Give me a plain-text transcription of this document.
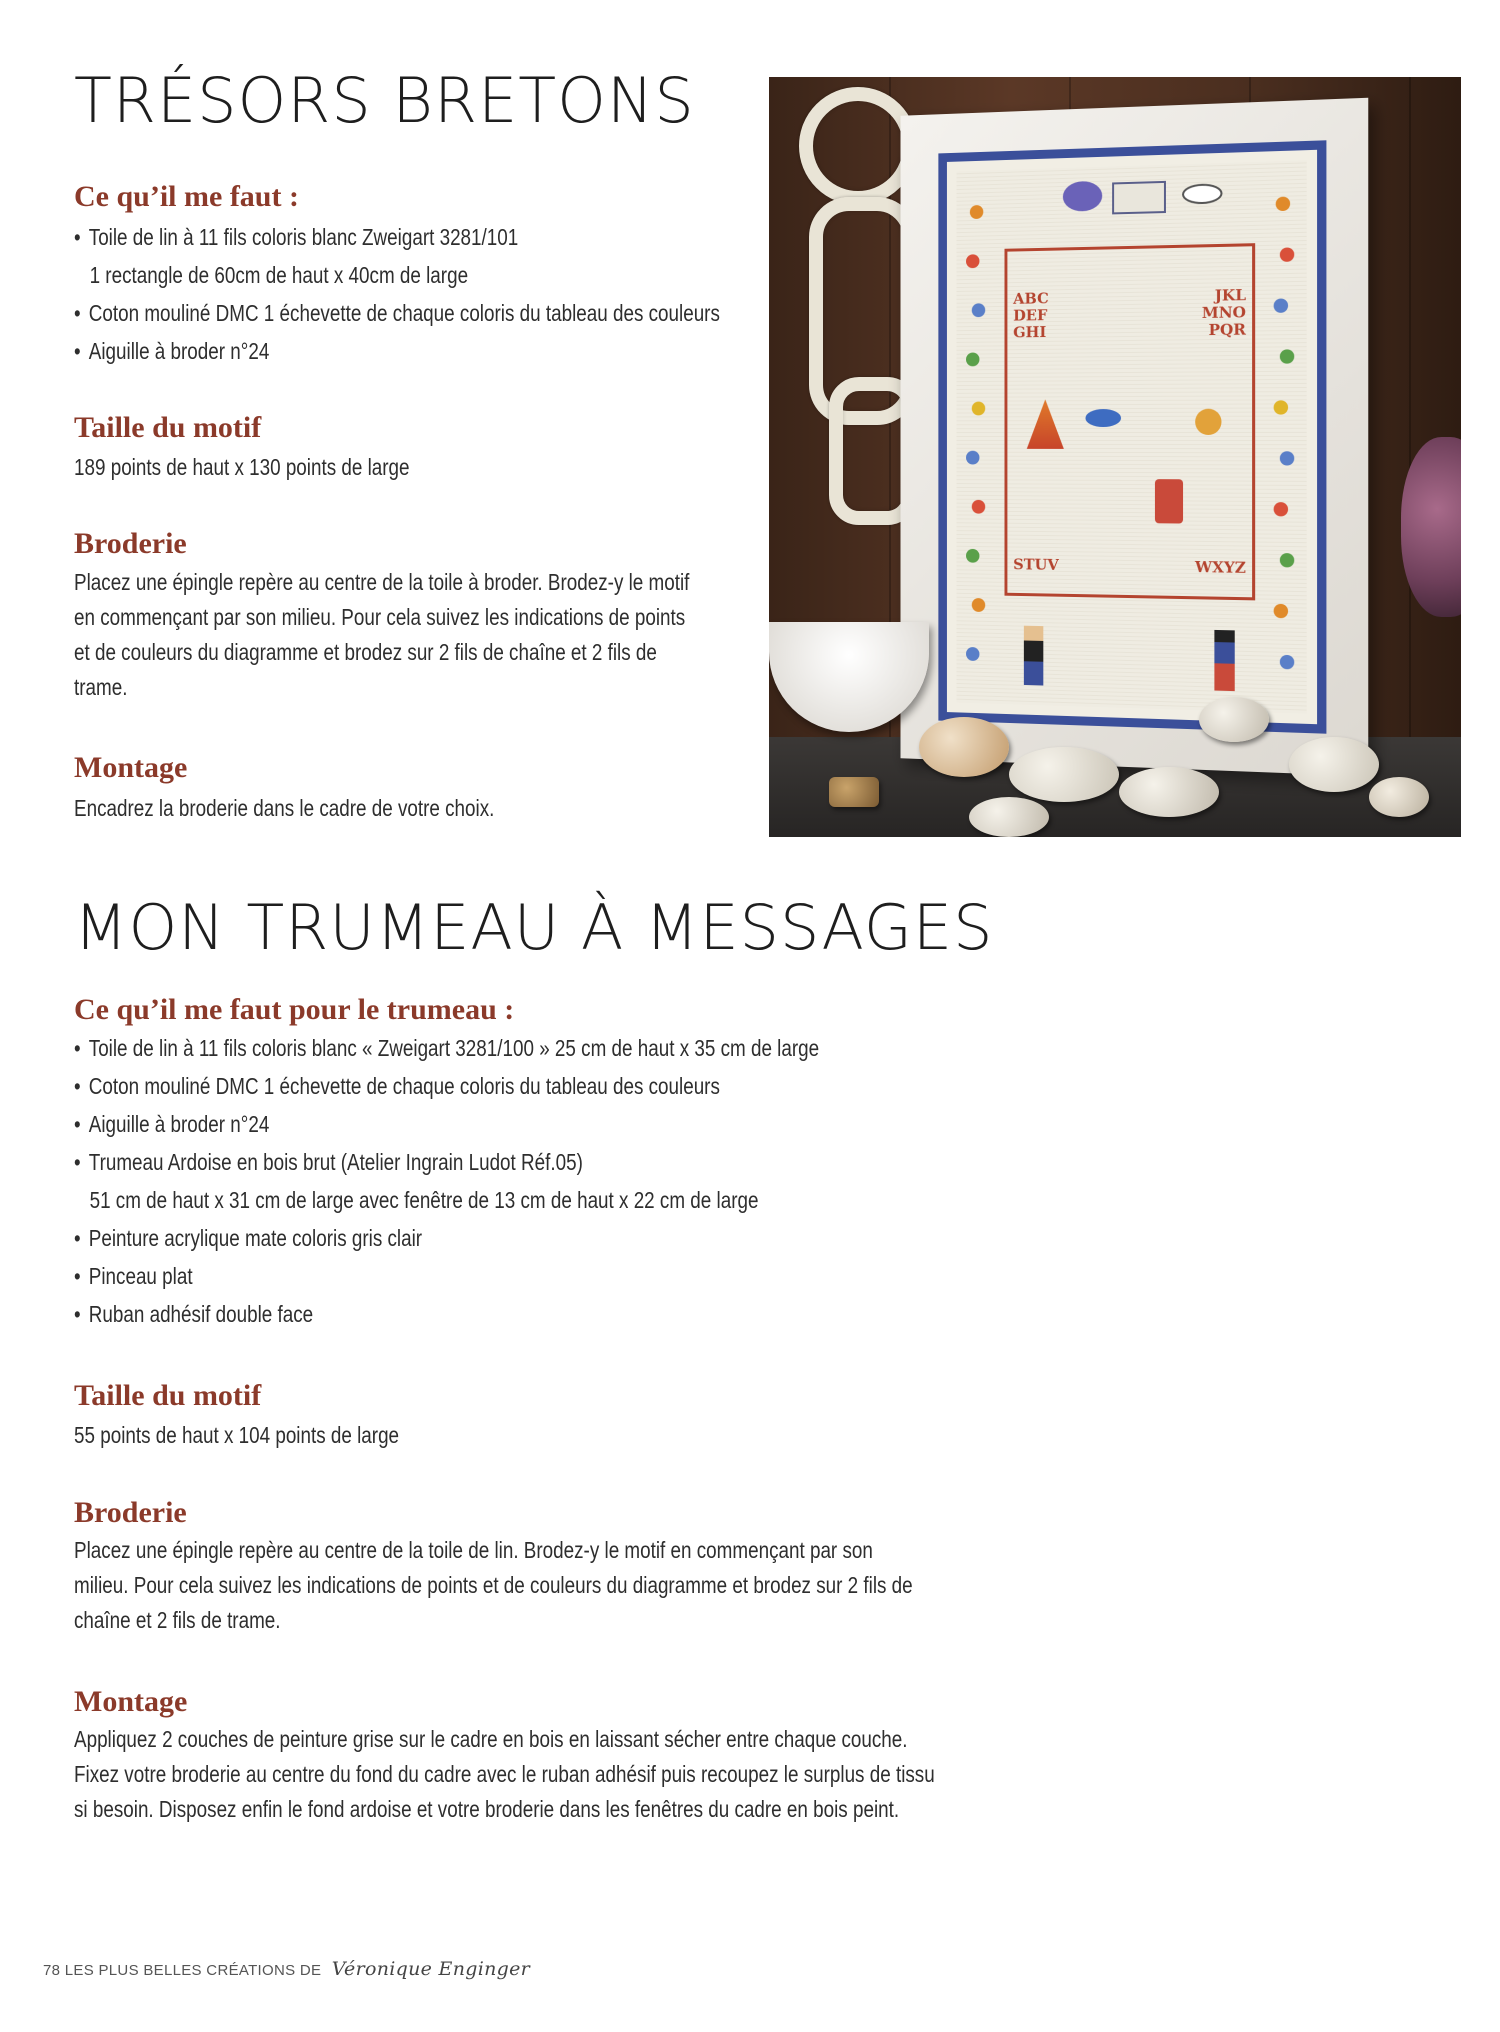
TRÉSORS BRETONS
Ce qu’il me faut :
• Toile de lin à 11 fils coloris blanc Zweigart 3281/101
1 rectangle de 60cm de haut x 40cm de large
• Coton mouliné DMC 1 échevette de chaque coloris du tableau des couleurs
• Aiguille à broder n°24
Taille du motif
189 points de haut x 130 points de large
Broderie
Placez une épingle repère au centre de la toile à broder. Brodez-y le motif
en commençant par son milieu. Pour cela suivez les indications de points
et de couleurs du diagramme et brodez sur 2 fils de chaîne et 2 fils de
trame.
Montage
Encadrez la broderie dans le cadre de votre choix.
ABC
DEF
GHI
JKL
MNO
PQR
STUV	WXYZ
MON TRUMEAU À MESSAGES
Ce qu’il me faut pour le trumeau :
• Toile de lin à 11 fils coloris blanc « Zweigart 3281/100 » 25 cm de haut x 35 cm de large
• Coton mouliné DMC 1 échevette de chaque coloris du tableau des couleurs
• Aiguille à broder n°24
• Trumeau Ardoise en bois brut (Atelier Ingrain Ludot Réf.05)
51 cm de haut x 31 cm de large avec fenêtre de 13 cm de haut x 22 cm de large
• Peinture acrylique mate coloris gris clair
• Pinceau plat
• Ruban adhésif double face
Taille du motif
55 points de haut x 104 points de large
Broderie
Placez une épingle repère au centre de la toile de lin. Brodez-y le motif en commençant par son
milieu. Pour cela suivez les indications de points et de couleurs du diagramme et brodez sur 2 fils de
chaîne et 2 fils de trame.
Montage
Appliquez 2 couches de peinture grise sur le cadre en bois en laissant sécher entre chaque couche.
Fixez votre broderie au centre du fond du cadre avec le ruban adhésif puis recoupez le surplus de tissu
si besoin. Disposez enfin le fond ardoise et votre broderie dans les fenêtres du cadre en bois peint.
78 LES PLUS BELLES CRÉATIONS DE Véronique Enginger
